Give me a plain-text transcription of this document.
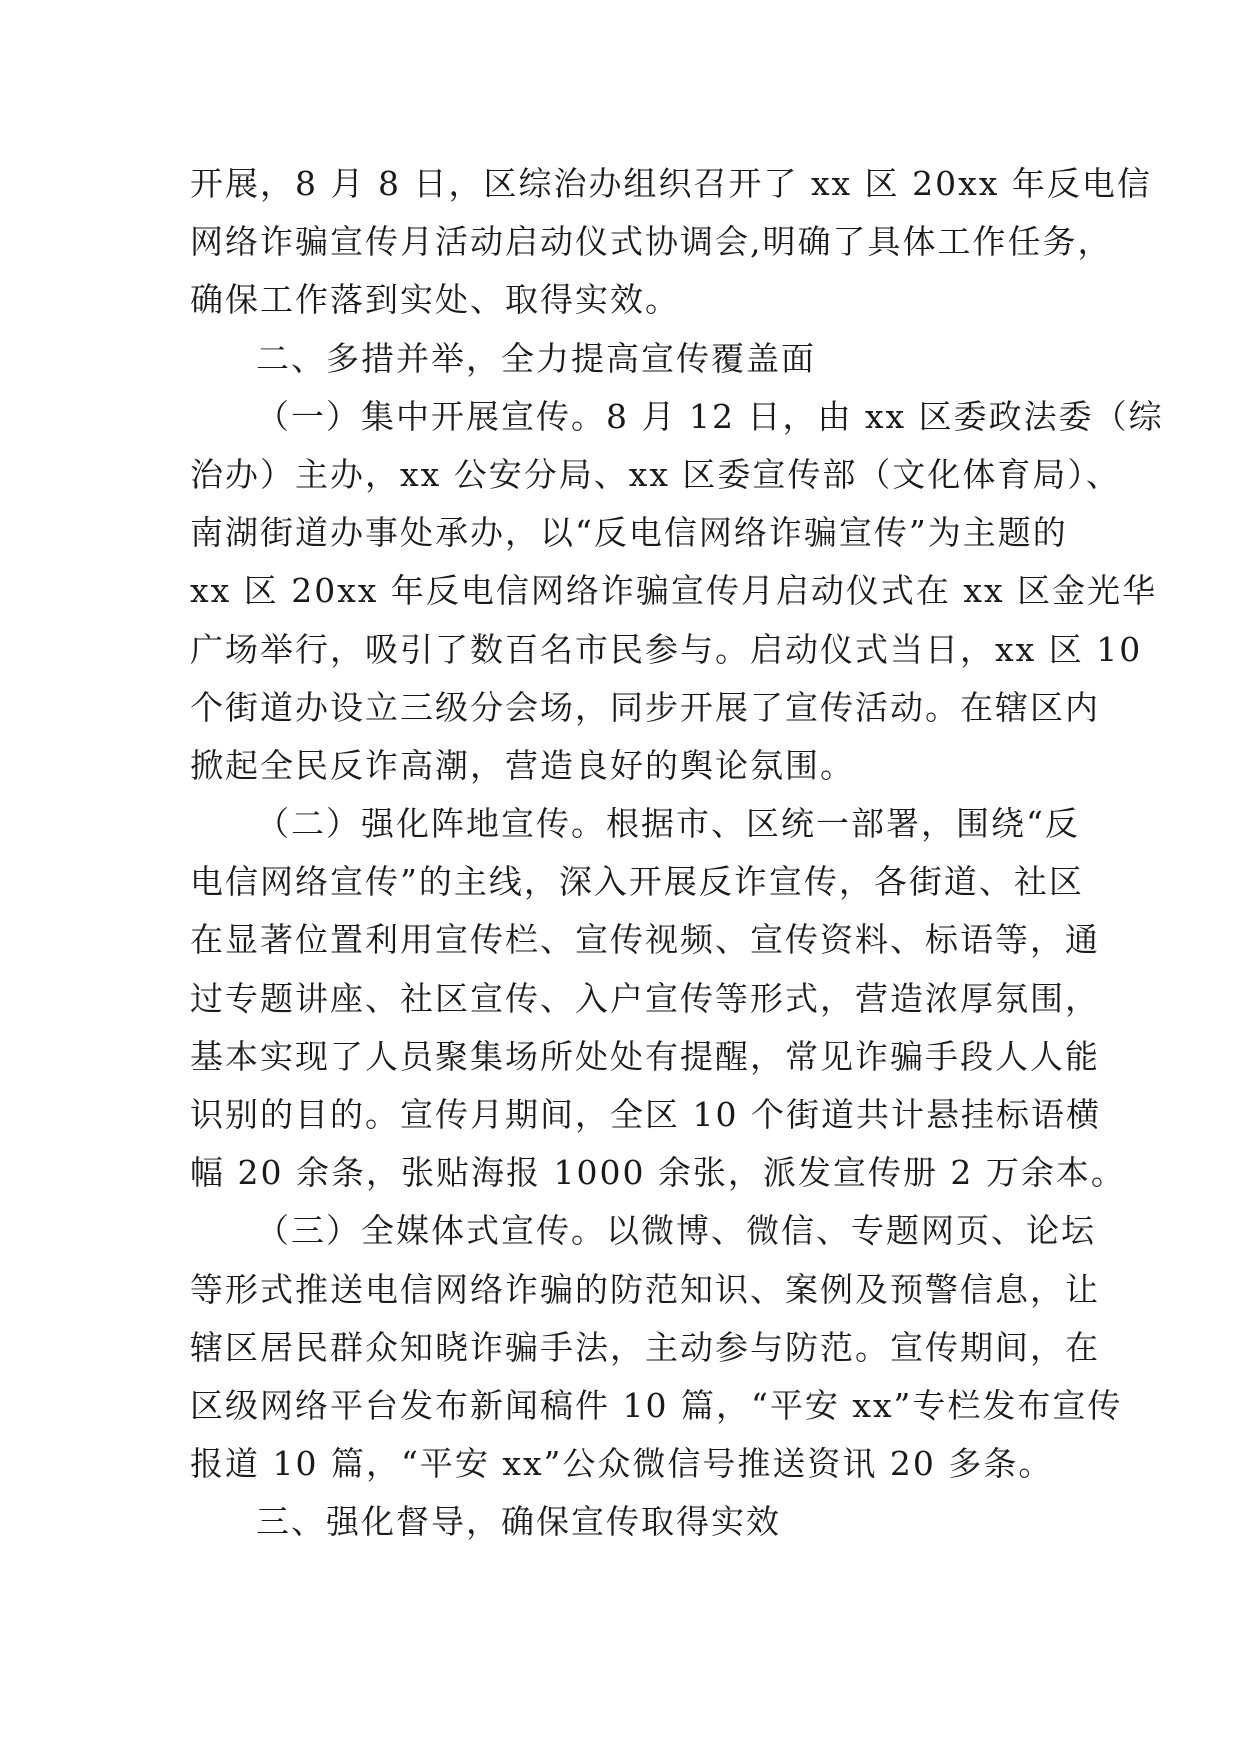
开展，8 月 8 日，区综治办组织召开了 xx 区 20xx 年反电信
网络诈骗宣传月活动启动仪式协调会,明确了具体工作任务，
确保工作落到实处、取得实效。
二、多措并举，全力提高宣传覆盖面
（一）集中开展宣传。8 月 12 日，由 xx 区委政法委（综
治办）主办，xx 公安分局、xx 区委宣传部（文化体育局）、
南湖街道办事处承办，以“反电信网络诈骗宣传”为主题的
xx 区 20xx 年反电信网络诈骗宣传月启动仪式在 xx 区金光华
广场举行，吸引了数百名市民参与。启动仪式当日，xx 区 10
个街道办设立三级分会场，同步开展了宣传活动。在辖区内
掀起全民反诈高潮，营造良好的舆论氛围。
（二）强化阵地宣传。根据市、区统一部署，围绕“反
电信网络宣传”的主线，深入开展反诈宣传，各街道、社区
在显著位置利用宣传栏、宣传视频、宣传资料、标语等，通
过专题讲座、社区宣传、入户宣传等形式，营造浓厚氛围，
基本实现了人员聚集场所处处有提醒，常见诈骗手段人人能
识别的目的。宣传月期间，全区 10 个街道共计悬挂标语横
幅 20 余条，张贴海报 1000 余张，派发宣传册 2 万余本。
（三）全媒体式宣传。以微博、微信、专题网页、论坛
等形式推送电信网络诈骗的防范知识、案例及预警信息，让
辖区居民群众知晓诈骗手法，主动参与防范。宣传期间，在
区级网络平台发布新闻稿件 10 篇，“平安 xx”专栏发布宣传
报道 10 篇，“平安 xx”公众微信号推送资讯 20 多条。
三、强化督导，确保宣传取得实效
